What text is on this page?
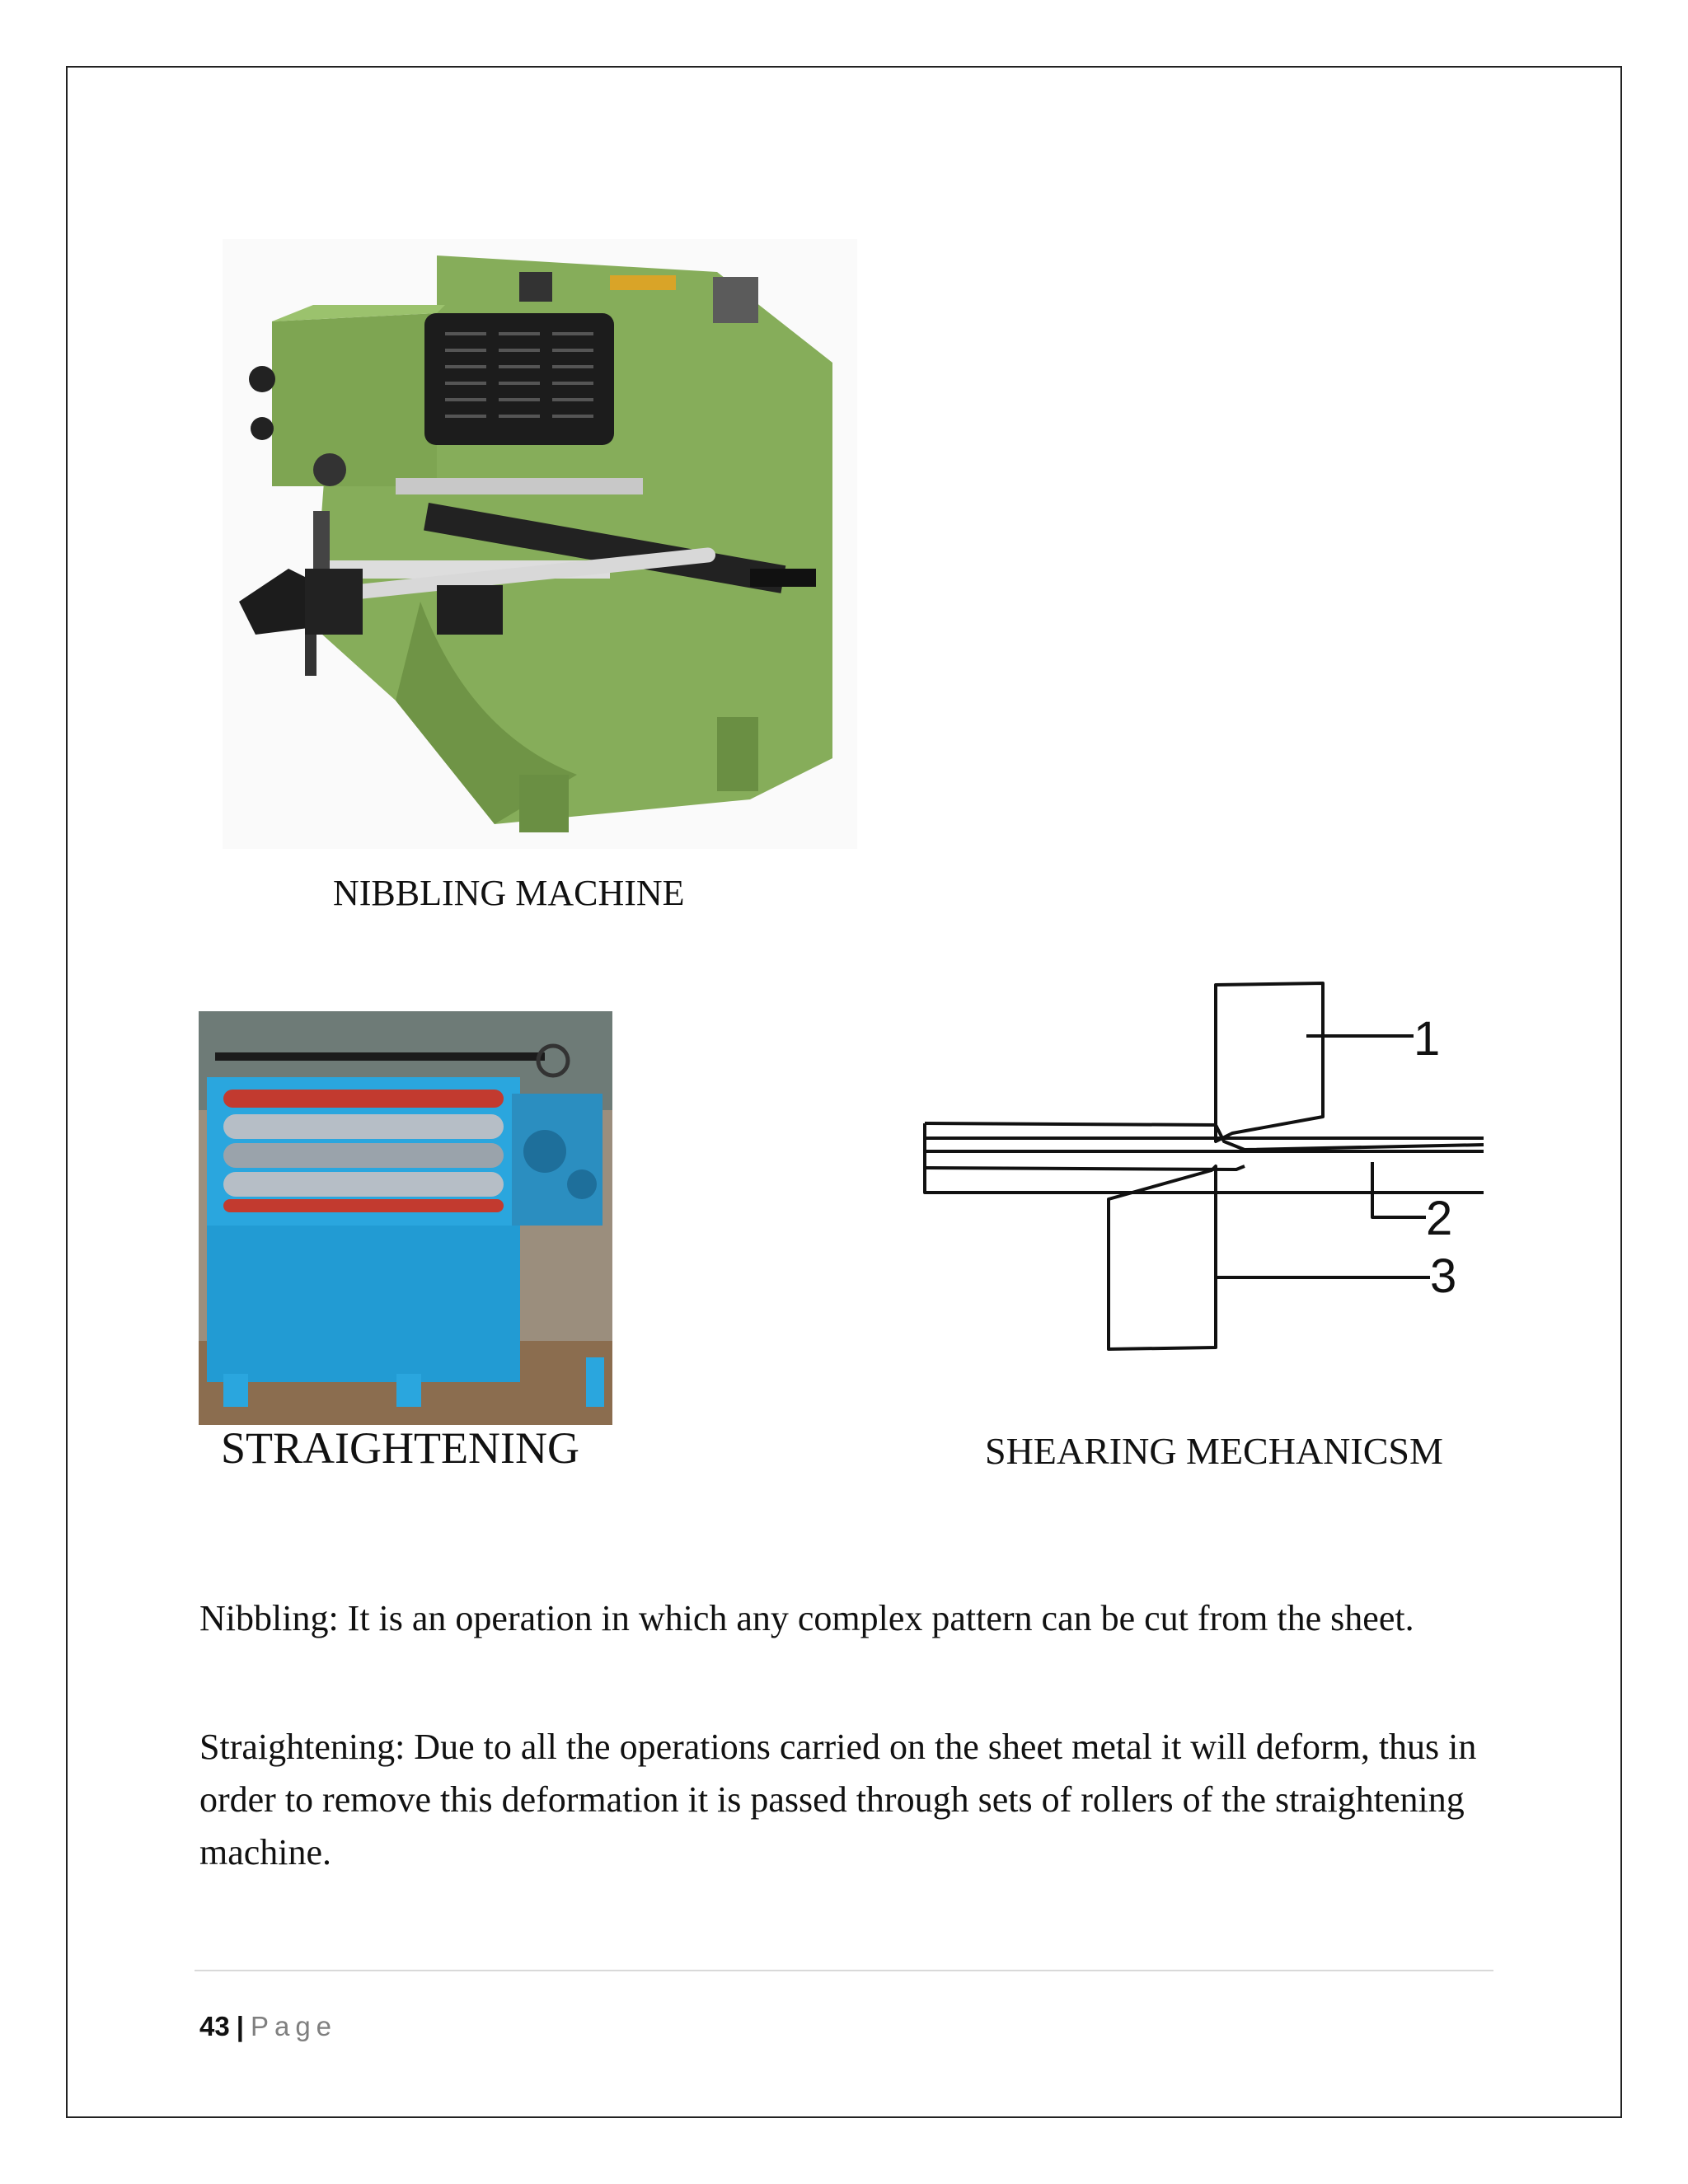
1
2
3
NIBBLING MACHINE
STRAIGHTENING	SHEARING MECHANICSM

Nibbling: It is an operation in which any complex pattern can be cut from the sheet.

Straightening: Due to all the operations carried on the sheet metal it will deform, thus in order to remove this deformation it is passed through sets of rollers of the straightening machine.

43 | Page
